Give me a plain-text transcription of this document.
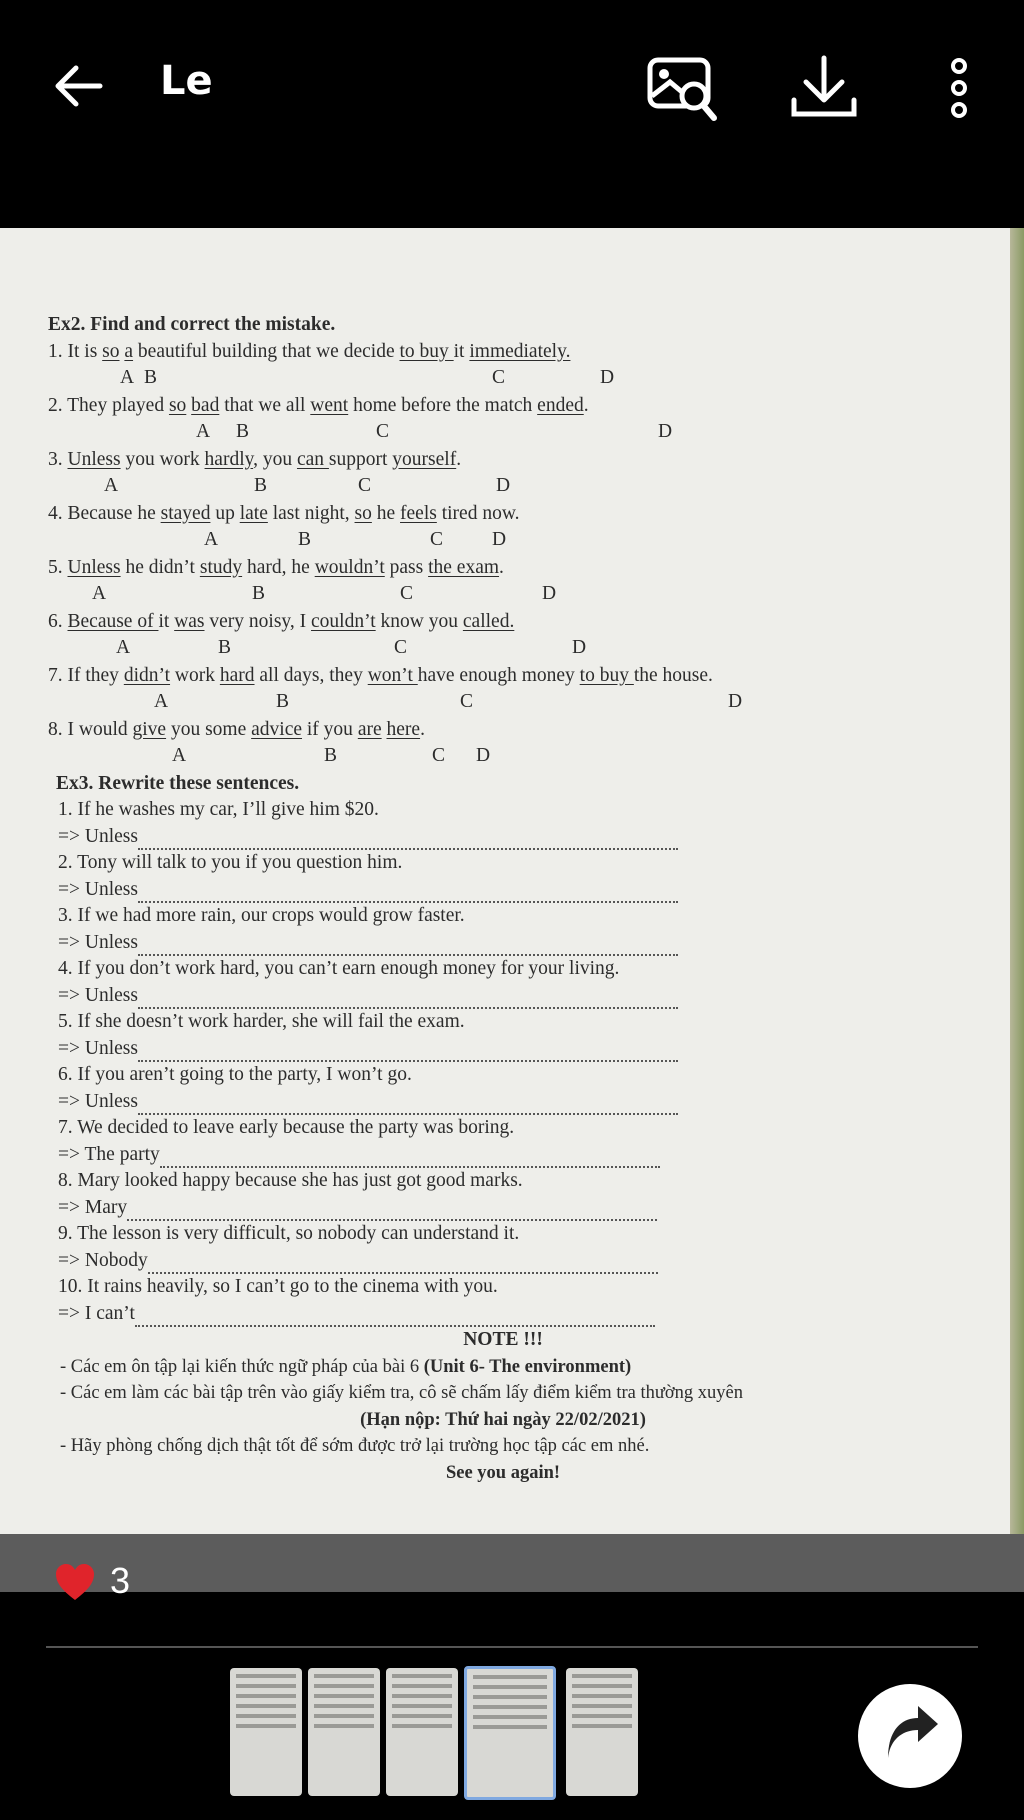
Le
Ex2. Find and correct the mistake.
1. It is so a beautiful building that we decide to buy it immediately.
A B	C	D
2. They played so bad that we all went home before the match ended.
A B	C	D
3. Unless you work hardly, you can support yourself.
A	B	C	D
4. Because he stayed up late last night, so he feels tired now.
A	B	C	D
5. Unless he didn’t study hard, he wouldn’t pass the exam.
A	B	C	D
6. Because of it was very noisy, I couldn’t know you called.
A	B	C	D
7. If they didn’t work hard all days, they won’t have enough money to buy the house.
A	B	C	D
8. I would give you some advice if you are here.
A	B	C D
Ex3. Rewrite these sentences.
1. If he washes my car, I’ll give him $20.
=> Unless
2. Tony will talk to you if you question him.
=> Unless
3. If we had more rain, our crops would grow faster.
=> Unless
4. If you don’t work hard, you can’t earn enough money for your living.
=> Unless
5. If she doesn’t work harder, she will fail the exam.
=> Unless
6. If you aren’t going to the party, I won’t go.
=> Unless
7. We decided to leave early because the party was boring.
=> The party
8. Mary looked happy because she has just got good marks.
=> Mary
9. The lesson is very difficult, so nobody can understand it.
=> Nobody
10. It rains heavily, so I can’t go to the cinema with you.
=> I can’t
NOTE !!!
- Các em ôn tập lại kiến thức ngữ pháp của bài 6 (Unit 6- The environment)
- Các em làm các bài tập trên vào giấy kiểm tra, cô sẽ chấm lấy điểm kiểm tra thường xuyên
(Hạn nộp: Thứ hai ngày 22/02/2021)
- Hãy phòng chống dịch thật tốt để sớm được trở lại trường học tập các em nhé.
See you again!
3
